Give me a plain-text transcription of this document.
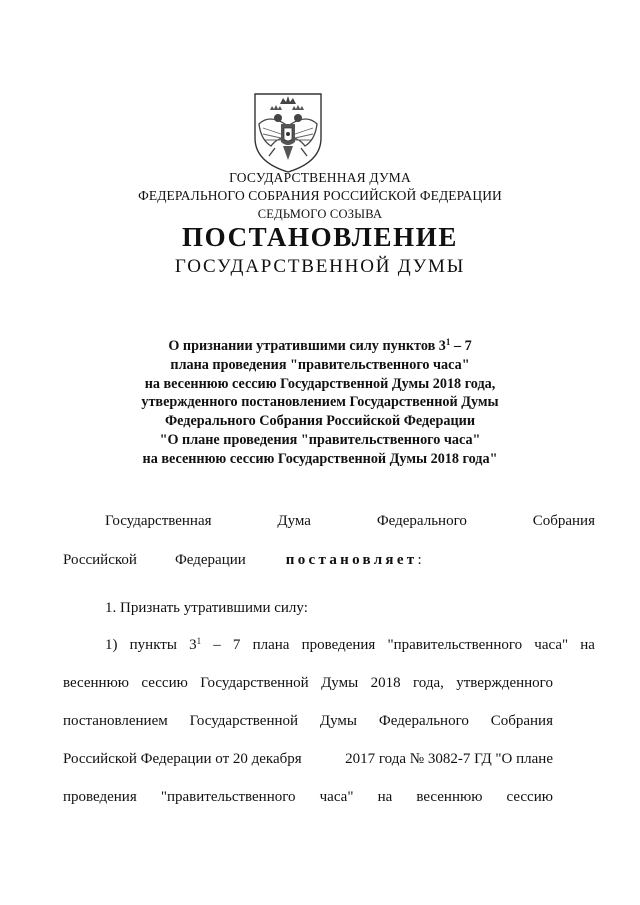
ГОСУДАРСТВЕННАЯ ДУМА
ФЕДЕРАЛЬНОГО СОБРАНИЯ РОССИЙСКОЙ ФЕДЕРАЦИИ
СЕДЬМОГО СОЗЫВА
ПОСТАНОВЛЕНИЕ
ГОСУДАРСТВЕННОЙ ДУМЫ
О признании утратившими силу пунктов $3^1 - 7$
плана проведения "правительственного часа"
на весеннюю сессию Государственной Думы 2018 года,
утвержденного постановлением Государственной Думы
Федерального Собрания Российской Федерации
"О плане проведения "правительственного часа"
на весеннюю сессию Государственной Думы 2018 года"
Государственная	Дума	Федерального	Собрания
Российской	Федерации	постановляет:
1. Признать утратившими силу:
1) пункты $3^1 - 7$ плана проведения "правительственного часа" на
весеннюю сессию Государственной Думы 2018 года, утвержденного
постановлением Государственной Думы Федерального Собрания
Российской Федерации от 20 декабря	2017 года № 3082-7 ГД "О плане
проведения "правительственного часа" на весеннюю сессию
